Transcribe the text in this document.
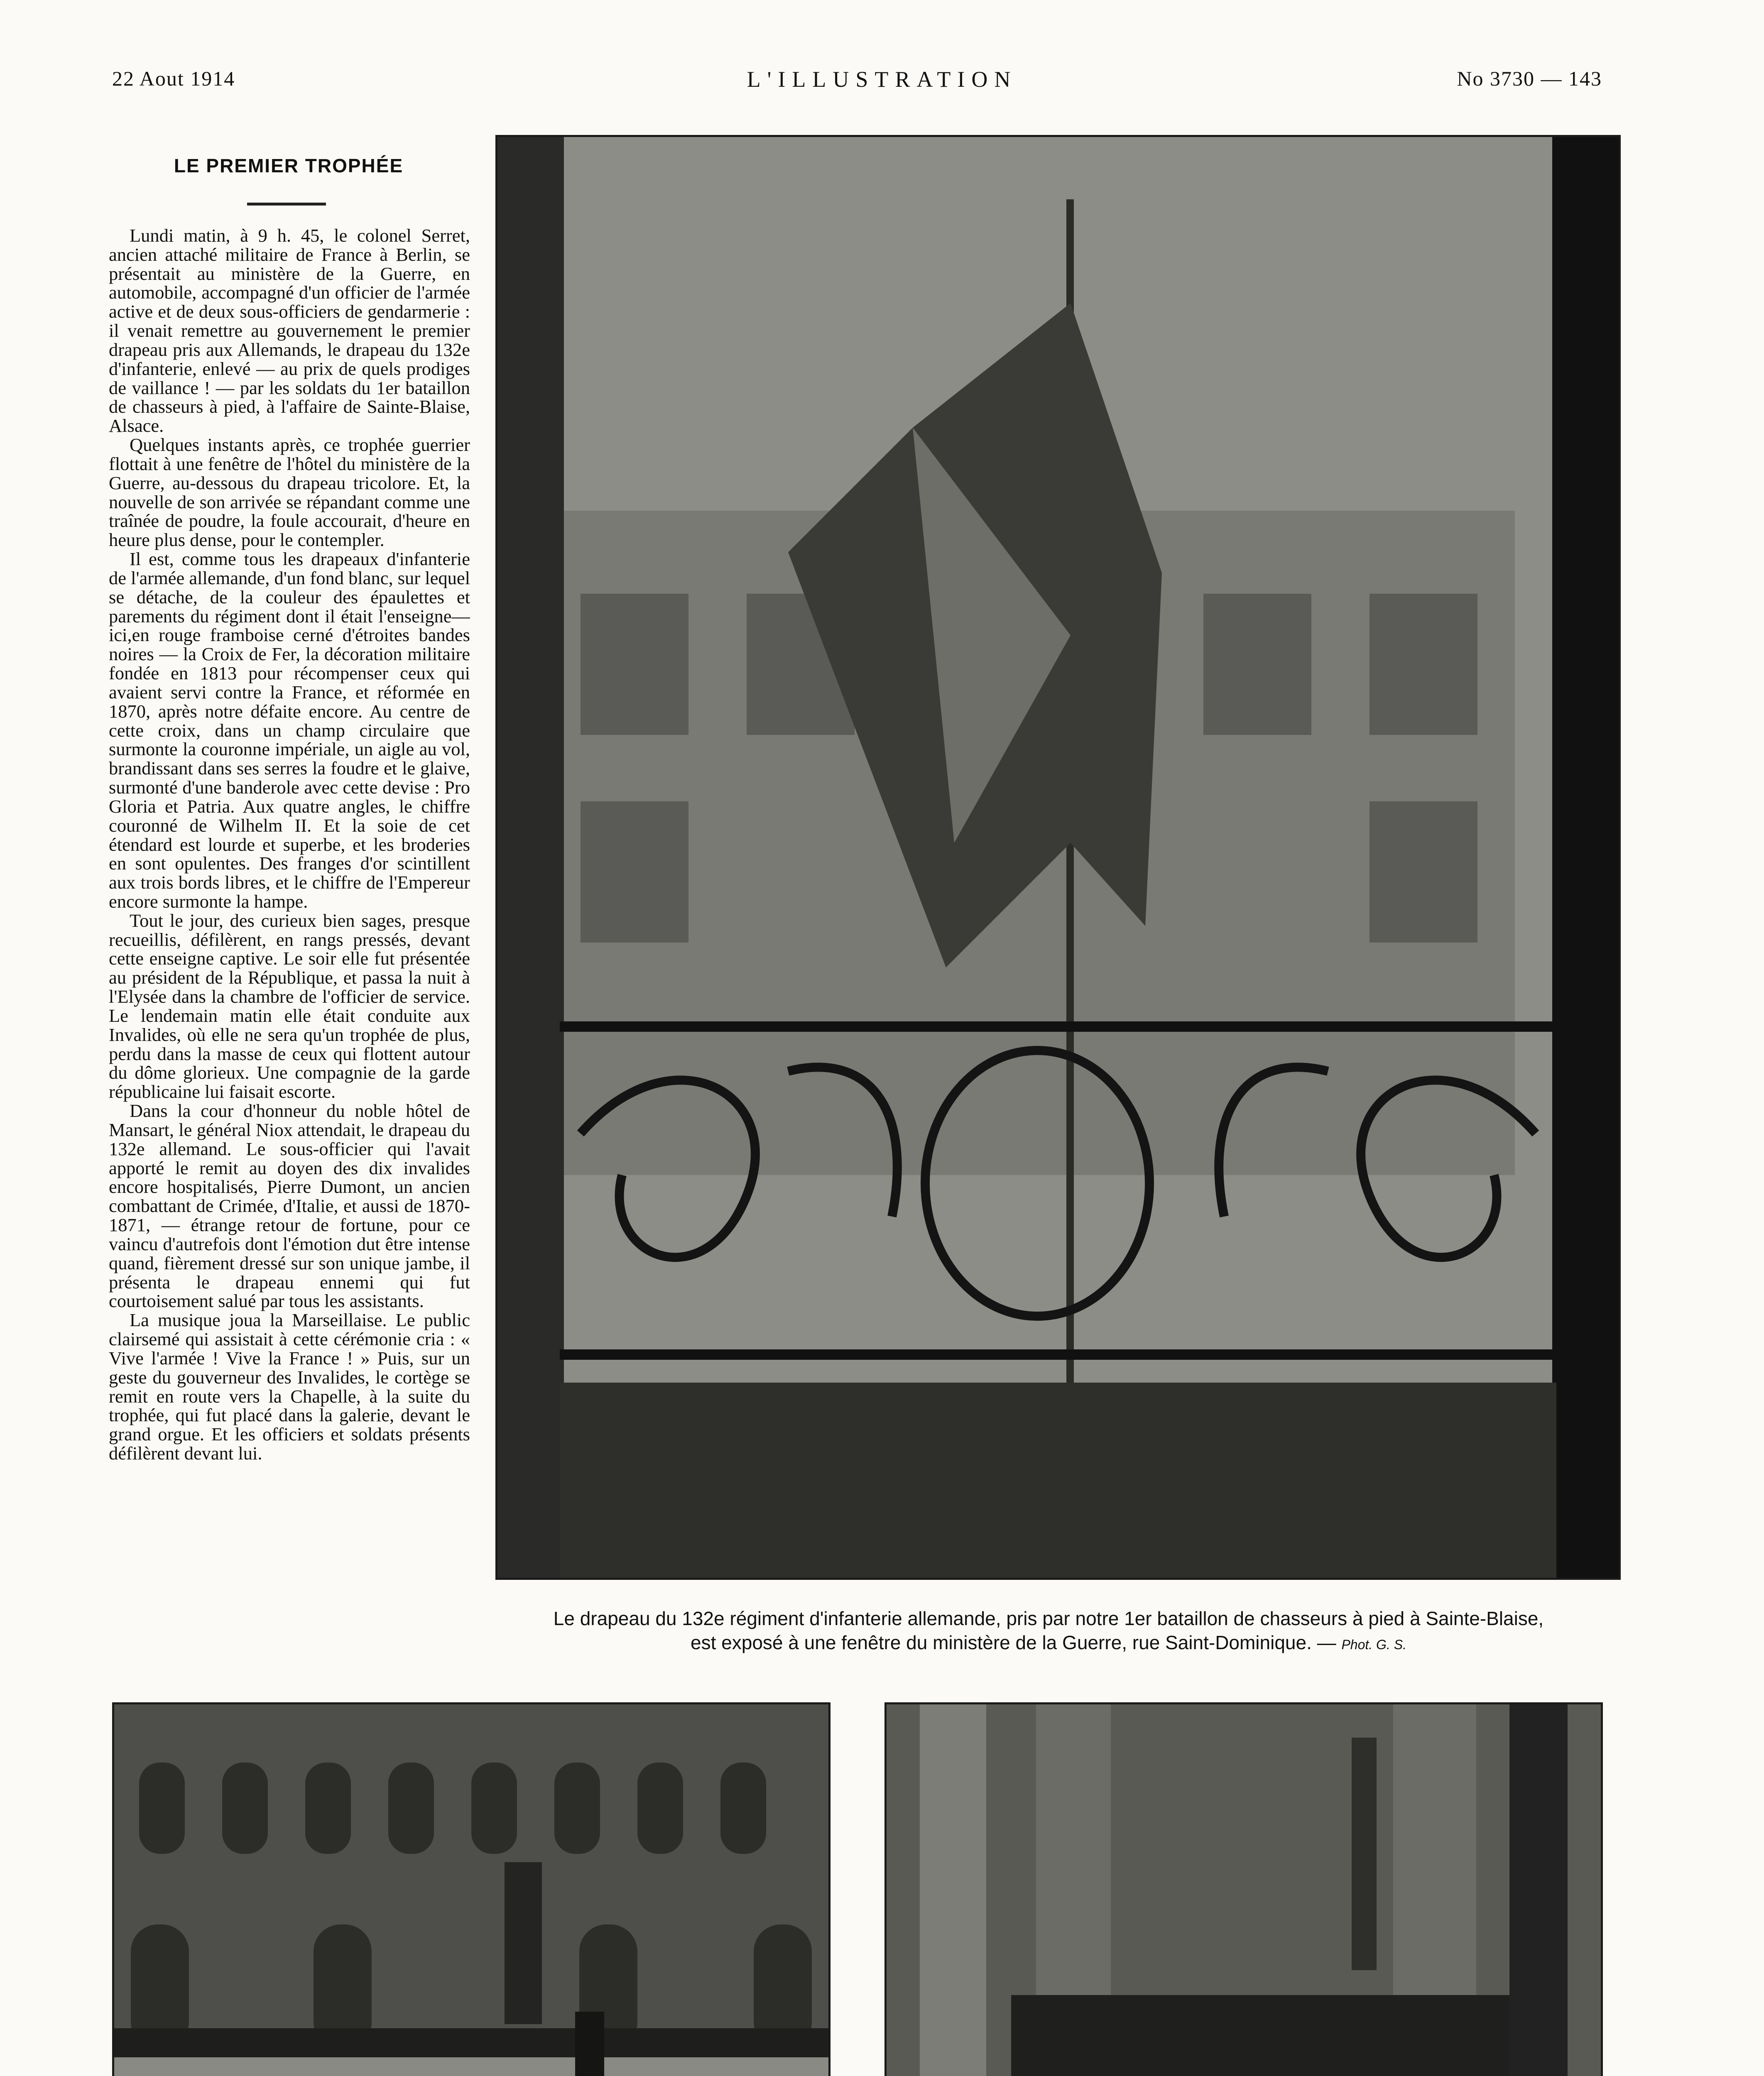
22 Aout 1914	L'ILLUSTRATION	No 3730 — 143
LE PREMIER TROPHÉE

Lundi matin, à 9 h. 45, le colonel Serret, ancien attaché militaire de France à Berlin, se présentait au ministère de la Guerre, en automobile, accompagné d'un officier de l'armée active et de deux sous-officiers de gendarmerie : il venait remettre au gouvernement le premier drapeau pris aux Allemands, le drapeau du 132e d'infanterie, enlevé — au prix de quels prodiges de vaillance ! — par les soldats du 1er bataillon de chasseurs à pied, à l'affaire de Sainte-Blaise, Alsace.

Quelques instants après, ce trophée guerrier flottait à une fenêtre de l'hôtel du ministère de la Guerre, au-dessous du drapeau tricolore. Et, la nouvelle de son arrivée se répandant comme une traînée de poudre, la foule accourait, d'heure en heure plus dense, pour le contempler.

Il est, comme tous les drapeaux d'infanterie de l'armée allemande, d'un fond blanc, sur lequel se détache, de la couleur des épaulettes et parements du régiment dont il était l'enseigne—ici,en rouge framboise cerné d'étroites bandes noires — la Croix de Fer, la décoration militaire fondée en 1813 pour récompenser ceux qui avaient servi contre la France, et réformée en 1870, après notre défaite encore. Au centre de cette croix, dans un champ circulaire que surmonte la couronne impériale, un aigle au vol, brandissant dans ses serres la foudre et le glaive, surmonté d'une banderole avec cette devise : Pro Gloria et Patria. Aux quatre angles, le chiffre couronné de Wilhelm II. Et la soie de cet étendard est lourde et superbe, et les broderies en sont opulentes. Des franges d'or scintillent aux trois bords libres, et le chiffre de l'Empereur encore surmonte la hampe.

Tout le jour, des curieux bien sages, presque recueillis, défilèrent, en rangs pressés, devant cette enseigne captive. Le soir elle fut présentée au président de la République, et passa la nuit à l'Elysée dans la chambre de l'officier de service. Le lendemain matin elle était conduite aux Invalides, où elle ne sera qu'un trophée de plus, perdu dans la masse de ceux qui flottent autour du dôme glorieux. Une compagnie de la garde républicaine lui faisait escorte.

Dans la cour d'honneur du noble hôtel de Mansart, le général Niox attendait, le drapeau du 132e allemand. Le sous-officier qui l'avait apporté le remit au doyen des dix invalides encore hospitalisés, Pierre Dumont, un ancien combattant de Crimée, d'Italie, et aussi de 1870-1871, — étrange retour de fortune, pour ce vaincu d'autrefois dont l'émotion dut être intense quand, fièrement dressé sur son unique jambe, il présenta le drapeau ennemi qui fut courtoisement salué par tous les assistants.

La musique joua la Marseillaise. Le public clairsemé qui assistait à cette cérémonie cria : « Vive l'armée ! Vive la France ! » Puis, sur un geste du gouverneur des Invalides, le cortège se remit en route vers la Chapelle, à la suite du trophée, qui fut placé dans la galerie, devant le grand orgue. Et les officiers et soldats présents défilèrent devant lui.

Le drapeau du 132e régiment d'infanterie allemande, pris par notre 1er bataillon de chasseurs à pied à Sainte-Blaise,
est exposé à une fenêtre du ministère de la Guerre, rue Saint-Dominique. — Phot. G. S.
